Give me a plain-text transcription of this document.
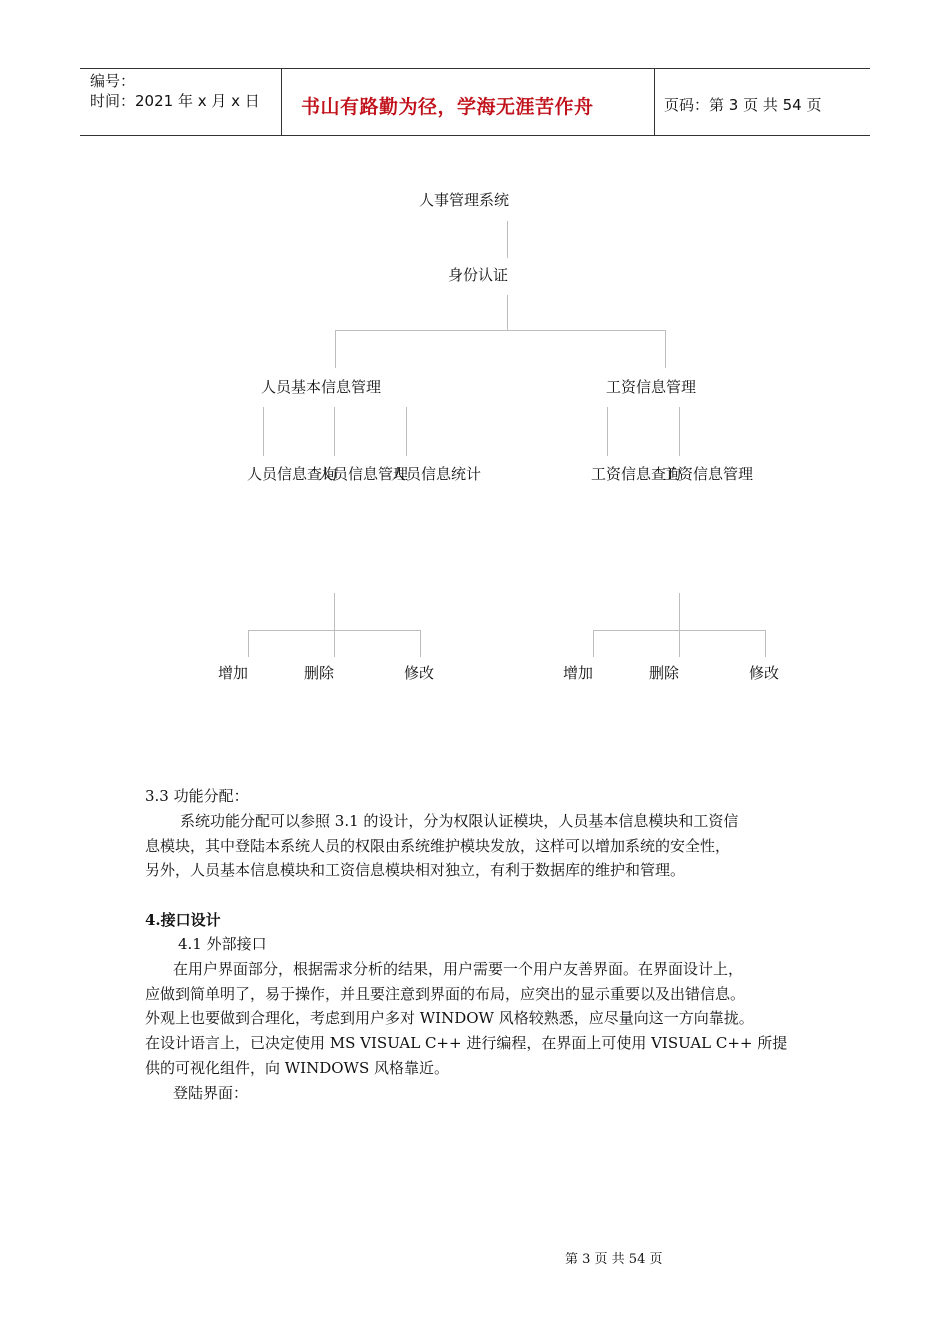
编号：
时间：2021 年 x 月 x 日 书山有路勤为径，学海无涯苦作舟	页码：第 3 页 共 54 页
人事管理系统
身份认证
人员基本信息管理	工资信息管理
人员信息查询
人员信息管理
人员信息统计	工资信息查询
工资信息管理
增加	删除	修改	增加	删除	修改
3.3 功能分配：
系统功能分配可以参照 3.1 的设计，分为权限认证模块，人员基本信息模块和工资信
息模块，其中登陆本系统人员的权限由系统维护模块发放，这样可以增加系统的安全性，
另外，人员基本信息模块和工资信息模块相对独立，有利于数据库的维护和管理。
4.接口设计
4.1 外部接口
在用户界面部分，根据需求分析的结果，用户需要一个用户友善界面。在界面设计上，
应做到简单明了，易于操作，并且要注意到界面的布局，应突出的显示重要以及出错信息。
外观上也要做到合理化，考虑到用户多对 WINDOW 风格较熟悉，应尽量向这一方向靠拢。
在设计语言上，已决定使用 MS VISUAL C++ 进行编程，在界面上可使用 VISUAL C++ 所提
供的可视化组件，向 WINDOWS 风格靠近。
登陆界面：
第 3 页 共 54 页
